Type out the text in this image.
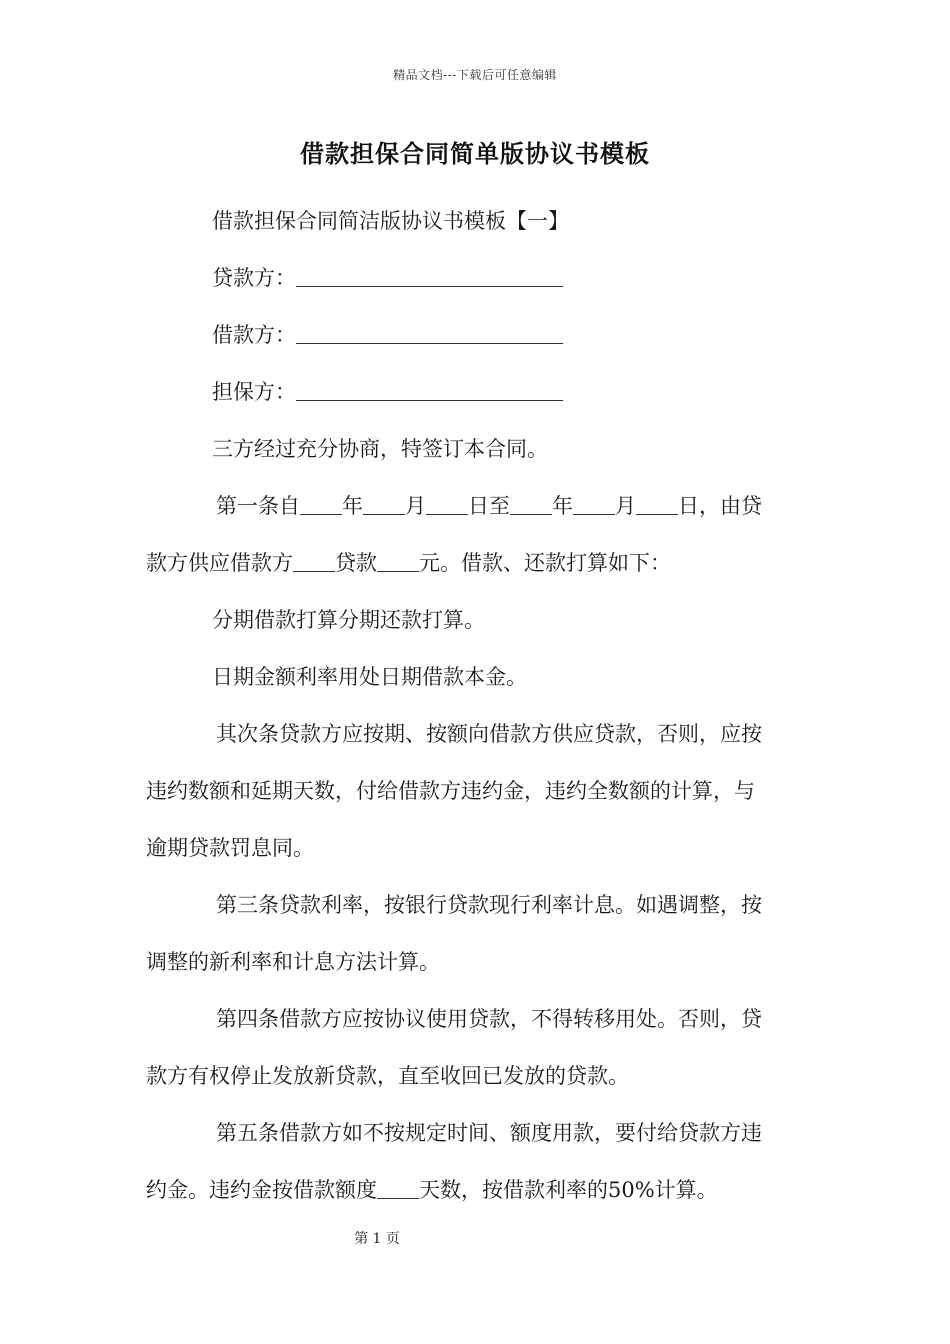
精品文档---下载后可任意编辑
借款担保合同简单版协议书模板
借款担保合同简洁版协议书模板【一】
贷款方：
借款方：
担保方：
三方经过充分协商，特签订本合同。
第一条自 年 月 日至 年 月 日，由贷
款方供应借款方 贷款 元。借款、还款打算如下：
分期借款打算分期还款打算。
日期金额利率用处日期借款本金。
其次条贷款方应按期、按额向借款方供应贷款，否则，应按
违约数额和延期天数，付给借款方违约金，违约全数额的计算，与
逾期贷款罚息同。
第三条贷款利率，按银行贷款现行利率计息。如遇调整，按
调整的新利率和计息方法计算。
第四条借款方应按协议使用贷款，不得转移用处。否则，贷
款方有权停止发放新贷款，直至收回已发放的贷款。
第五条借款方如不按规定时间、额度用款，要付给贷款方违
约金。违约金按借款额度 天数，按借款利率的50%计算。
第 1 页
